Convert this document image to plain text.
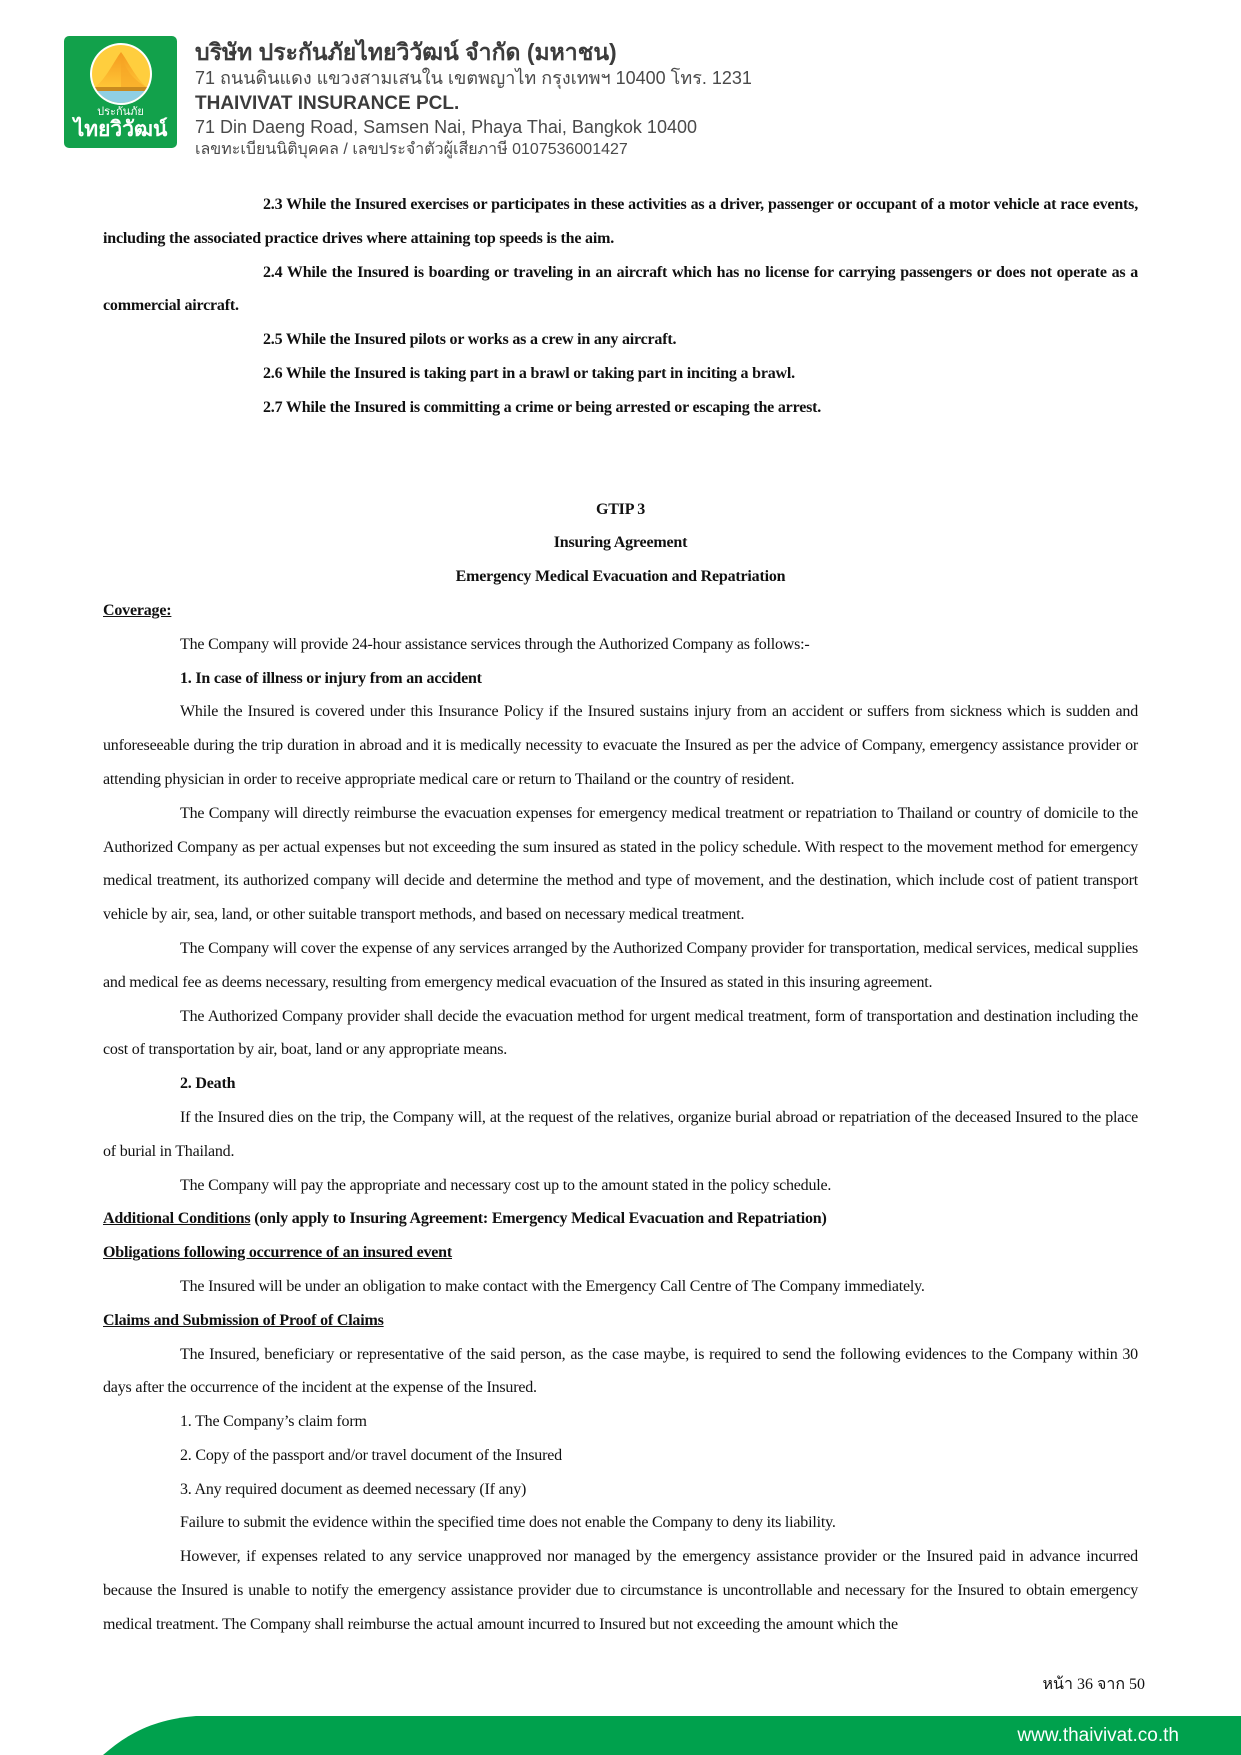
ประกันภัย
ไทยวิวัฒน์
บริษัท ประกันภัยไทยวิวัฒน์ จำกัด (มหาชน)
71 ถนนดินแดง แขวงสามเสนใน เขตพญาไท กรุงเทพฯ 10400 โทร. 1231
THAIVIVAT INSURANCE PCL.
71 Din Daeng Road, Samsen Nai, Phaya Thai, Bangkok 10400
เลขทะเบียนนิติบุคคล / เลขประจำตัวผู้เสียภาษี 0107536001427

2.3 While the Insured exercises or participates in these activities as a driver, passenger or occupant of a motor vehicle at race events, including the associated practice drives where attaining top speeds is the aim.

2.4 While the Insured is boarding or traveling in an aircraft which has no license for carrying passengers or does not operate as a commercial aircraft.

2.5 While the Insured pilots or works as a crew in any aircraft.

2.6 While the Insured is taking part in a brawl or taking part in inciting a brawl.

2.7 While the Insured is committing a crime or being arrested or escaping the arrest.

GTIP 3

Insuring Agreement

Emergency Medical Evacuation and Repatriation

Coverage:

The Company will provide 24-hour assistance services through the Authorized Company as follows:-

1. In case of illness or injury from an accident

While the Insured is covered under this Insurance Policy if the Insured sustains injury from an accident or suffers from sickness which is sudden and unforeseeable during the trip duration in abroad and it is medically necessity to evacuate the Insured as per the advice of Company, emergency assistance provider or attending physician in order to receive appropriate medical care or return to Thailand or the country of resident.

The Company will directly reimburse the evacuation expenses for emergency medical treatment or repatriation to Thailand or country of domicile to the Authorized Company as per actual expenses but not exceeding the sum insured as stated in the policy schedule. With respect to the movement method for emergency medical treatment, its authorized company will decide and determine the method and type of movement, and the destination, which include cost of patient transport vehicle by air, sea, land, or other suitable transport methods, and based on necessary medical treatment.

The Company will cover the expense of any services arranged by the Authorized Company provider for transportation, medical services, medical supplies and medical fee as deems necessary, resulting from emergency medical evacuation of the Insured as stated in this insuring agreement.

The Authorized Company provider shall decide the evacuation method for urgent medical treatment, form of transportation and destination including the cost of transportation by air, boat, land or any appropriate means.

2. Death

If the Insured dies on the trip, the Company will, at the request of the relatives, organize burial abroad or repatriation of the deceased Insured to the place of burial in Thailand.

The Company will pay the appropriate and necessary cost up to the amount stated in the policy schedule.

Additional Conditions (only apply to Insuring Agreement: Emergency Medical Evacuation and Repatriation)

Obligations following occurrence of an insured event

The Insured will be under an obligation to make contact with the Emergency Call Centre of The Company immediately.

Claims and Submission of Proof of Claims

The Insured, beneficiary or representative of the said person, as the case maybe, is required to send the following evidences to the Company within 30 days after the occurrence of the incident at the expense of the Insured.

1. The Company’s claim form

2. Copy of the passport and/or travel document of the Insured

3. Any required document as deemed necessary (If any)

Failure to submit the evidence within the specified time does not enable the Company to deny its liability.

However, if expenses related to any service unapproved nor managed by the emergency assistance provider or the Insured paid in advance incurred because the Insured is unable to notify the emergency assistance provider due to circumstance is uncontrollable and necessary for the Insured to obtain emergency medical treatment. The Company shall reimburse the actual amount incurred to Insured but not exceeding the amount which the

หน้า 36 จาก 50
www.thaivivat.co.th
